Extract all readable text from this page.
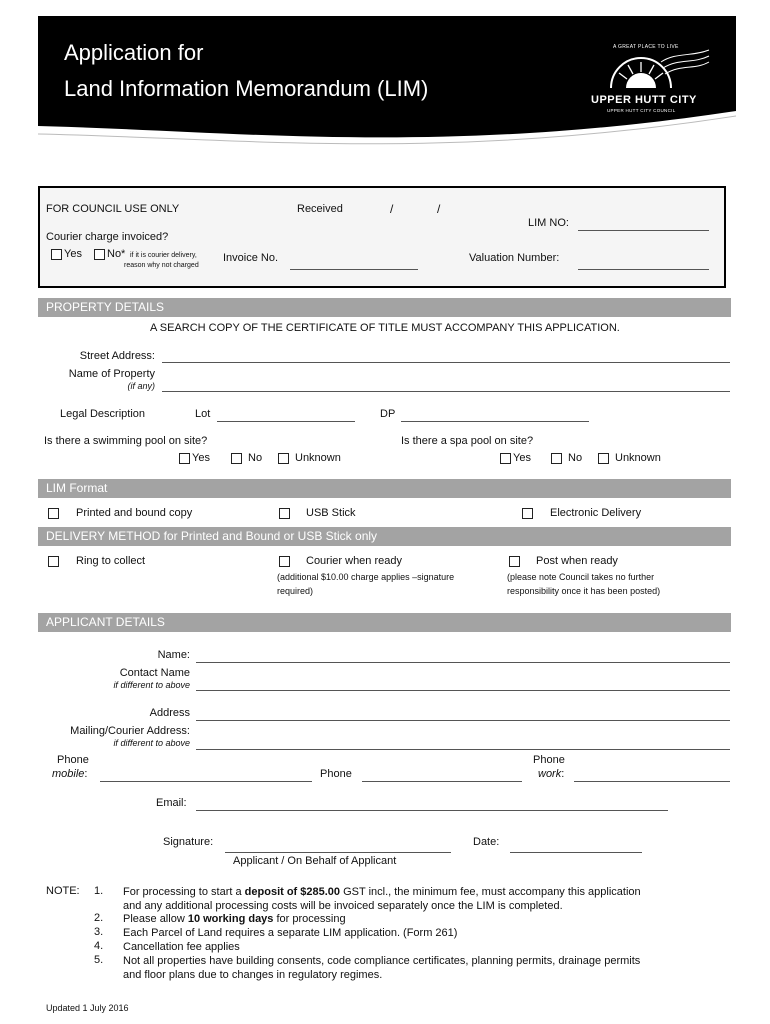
Application for
Land Information Memorandum (LIM)
A GREAT PLACE TO LIVE
UPPER HUTT CITY
UPPER HUTT CITY COUNCIL
FOR COUNCIL USE ONLY	Received	/	/
LIM NO:
Courier charge invoiced?
Yes No* if it is courier delivery,
reason why not charged
Invoice No.	Valuation Number:
PROPERTY DETAILS
A SEARCH COPY OF THE CERTIFICATE OF TITLE MUST ACCOMPANY THIS APPLICATION.
Street Address:
Name of Property
(if any)
Legal Description	Lot	DP
Is there a swimming pool on site?
Yes	No	Unknown
Is there a spa pool on site?
Yes	No	Unknown
LIM Format
Printed and bound copy	USB Stick	Electronic Delivery
DELIVERY METHOD for Printed and Bound or USB Stick only
Ring to collect	Courier when ready
(additional $10.00 charge applies –signature
required)
Post when ready
(please note Council takes no further
responsibility once it has been posted)
APPLICANT DETAILS
Name:
Contact Name
if different to above
Address
Mailing/Courier Address:
if different to above
Phone
mobile:	Phone
Phone
work:
Email:
Signature:	Date:
Applicant / On Behalf of Applicant
NOTE: 1. For processing to start a deposit of $285.00 GST incl., the minimum fee, must accompany this application
and any additional processing costs will be invoiced separately once the LIM is completed.
2. Please allow 10 working days for processing
3. Each Parcel of Land requires a separate LIM application. (Form 261)
4. Cancellation fee applies
5. Not all properties have building consents, code compliance certificates, planning permits, drainage permits
and floor plans due to changes in regulatory regimes.
Updated 1 July 2016
